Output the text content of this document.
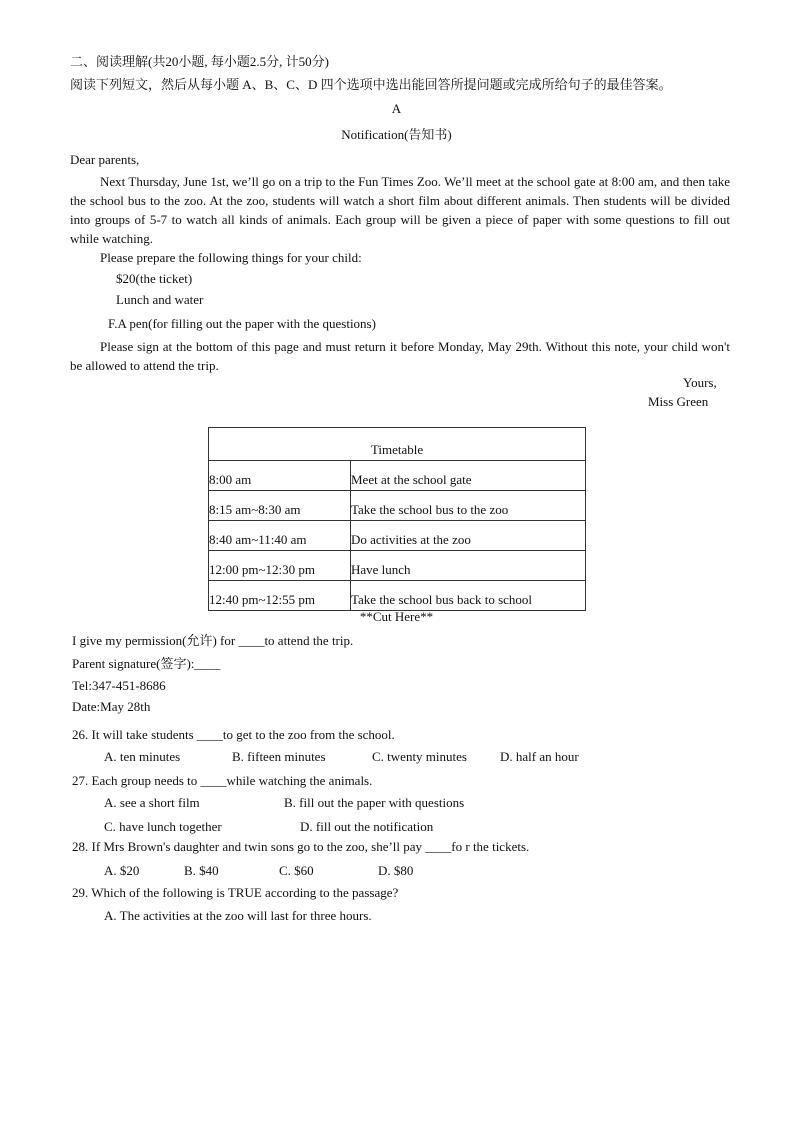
二、阅读理解(共20小题, 每小题2.5分, 计50分)
阅读下列短文，然后从每小题 A、B、C、D 四个选项中选出能回答所提问题或完成所给句子的最佳答案。
A
Notification(告知书)
Dear parents,
Next Thursday, June 1st, we’ll go on a trip to the Fun Times Zoo. We’ll meet at the school gate at 8:00 am, and then take the school bus to the zoo. At the zoo, students will watch a short film about different animals. Then students will be divided into groups of 5-7 to watch all kinds of animals. Each group will be given a piece of paper with some questions to fill out while watching.
Please prepare the following things for your child:
$20(the ticket)
Lunch and water
F.A pen(for filling out the paper with the questions)
Please sign at the bottom of this page and must return it before Monday, May 29th. Without this note, your child won't be allowed to attend the trip.
Yours,
Miss Green
Timetable	
8:00 am	Meet at the school gate
8:15 am~8:30 am	Take the school bus to the zoo
8:40 am~11:40 am	Do activities at the zoo
12:00 pm~12:30 pm	Have lunch
12:40 pm~12:55 pm	Take the school bus back to school
**Cut Here**
I give my permission(允许) for ____to attend the trip.
Parent signature(签字):____
Tel:347-451-8686
Date:May 28th
26. It will take students ____to get to the zoo from the school.
A. ten minutes	B. fifteen minutes	C. twenty minutes	D. half an hour
27. Each group needs to ____while watching the animals.
A. see a short film	B. fill out the paper with questions
C. have lunch together	D. fill out the notification
28. If Mrs Brown's daughter and twin sons go to the zoo, she’ll pay ____fo r the tickets.
A. $20	B. $40	C. $60	D. $80
29. Which of the following is TRUE according to the passage?
A. The activities at the zoo will last for three hours.
